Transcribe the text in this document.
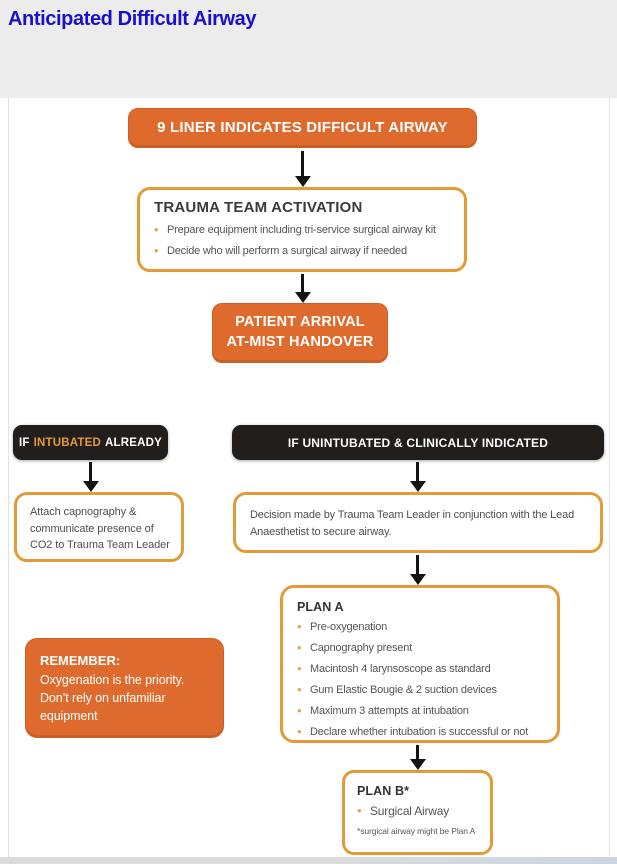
Anticipated Difficult Airway
9 LINER INDICATES DIFFICULT AIRWAY
TRAUMA TEAM ACTIVATION
• Prepare equipment including tri-service surgical airway kit
• Decide who will perform a surgical airway if needed
PATIENT ARRIVAL
AT-MIST HANDOVER
IF INTUBATED ALREADY	IF UNINTUBATED & CLINICALLY INDICATED
Attach capnography & communicate presence of CO2 to Trauma Team Leader
Decision made by Trauma Team Leader in conjunction with the Lead Anaesthetist to secure airway.
REMEMBER:
Oxygenation is the priority. Don’t rely on unfamiliar equipment
PLAN A
• Pre-oxygenation
• Capnography present
• Macintosh 4 larynsoscope as standard
• Gum Elastic Bougie & 2 suction devices
• Maximum 3 attempts at intubation
• Declare whether intubation is successful or not
PLAN B*
• Surgical Airway
*surgical airway might be Plan A
